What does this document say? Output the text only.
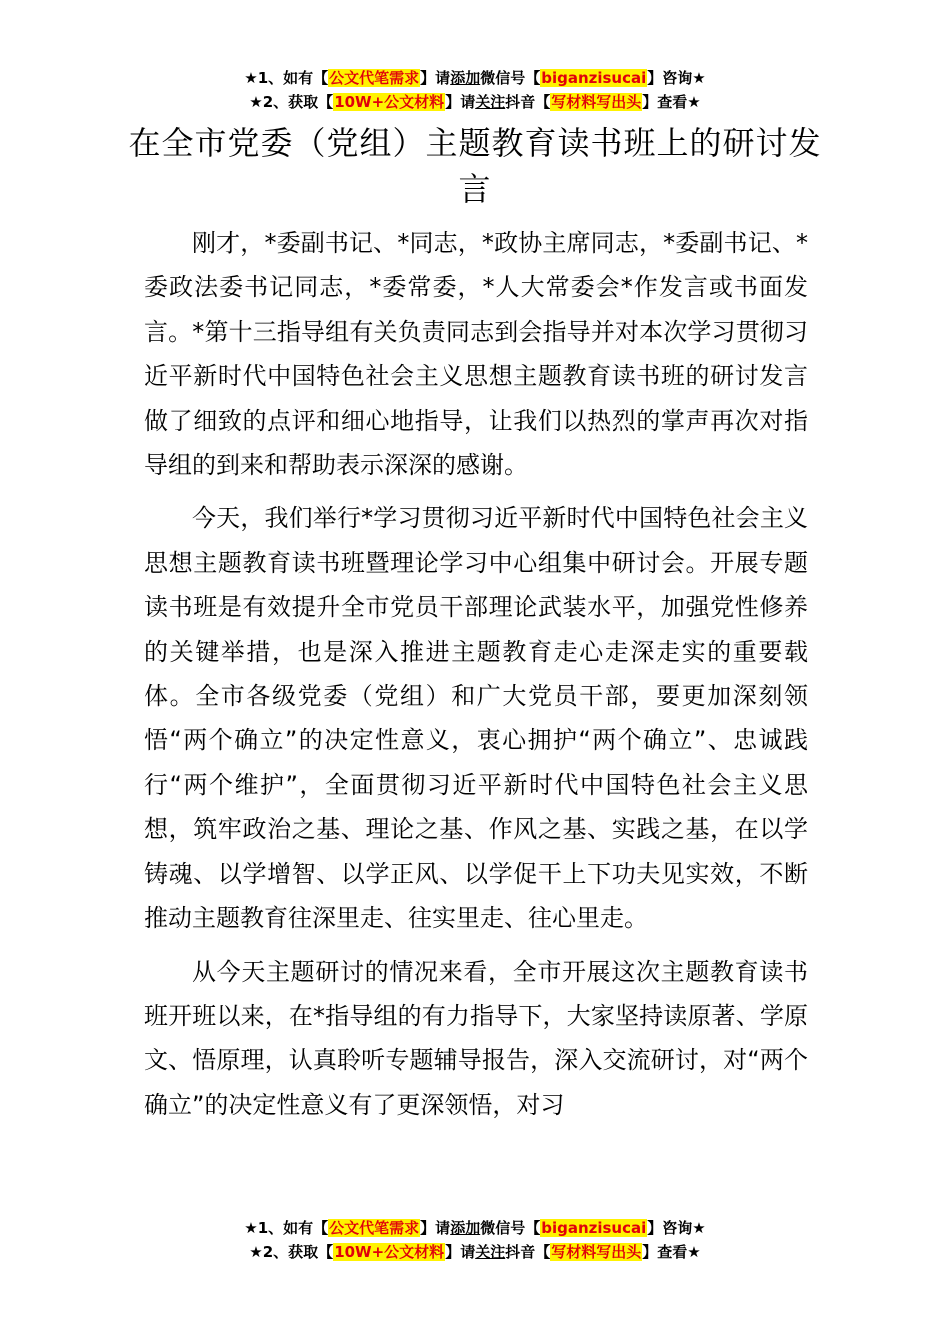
★1、如有【公文代笔需求】请添加微信号【biganzisucai】咨询★
★2、获取【10W+公文材料】请关注抖音【写材料写出头】查看★
在全市党委（党组）主题教育读书班上的研讨发言

刚才，*委副书记、*同志，*政协主席同志，*委副书记、*委政法委书记同志，*委常委，*人大常委会*作发言或书面发言。*第十三指导组有关负责同志到会指导并对本次学习贯彻习近平新时代中国特色社会主义思想主题教育读书班的研讨发言做了细致的点评和细心地指导，让我们以热烈的掌声再次对指导组的到来和帮助表示深深的感谢。

今天，我们举行*学习贯彻习近平新时代中国特色社会主义思想主题教育读书班暨理论学习中心组集中研讨会。开展专题读书班是有效提升全市党员干部理论武装水平，加强党性修养的关键举措，也是深入推进主题教育走心走深走实的重要载体。全市各级党委（党组）和广大党员干部，要更加深刻领悟“两个确立”的决定性意义，衷心拥护“两个确立”、忠诚践行“两个维护”，全面贯彻习近平新时代中国特色社会主义思想，筑牢政治之基、理论之基、作风之基、实践之基，在以学铸魂、以学增智、以学正风、以学促干上下功夫见实效，不断推动主题教育往深里走、往实里走、往心里走。

从今天主题研讨的情况来看，全市开展这次主题教育读书班开班以来，在*指导组的有力指导下，大家坚持读原著、学原文、悟原理，认真聆听专题辅导报告，深入交流研讨，对“两个确立”的决定性意义有了更深领悟，对习

★1、如有【公文代笔需求】请添加微信号【biganzisucai】咨询★
★2、获取【10W+公文材料】请关注抖音【写材料写出头】查看★
